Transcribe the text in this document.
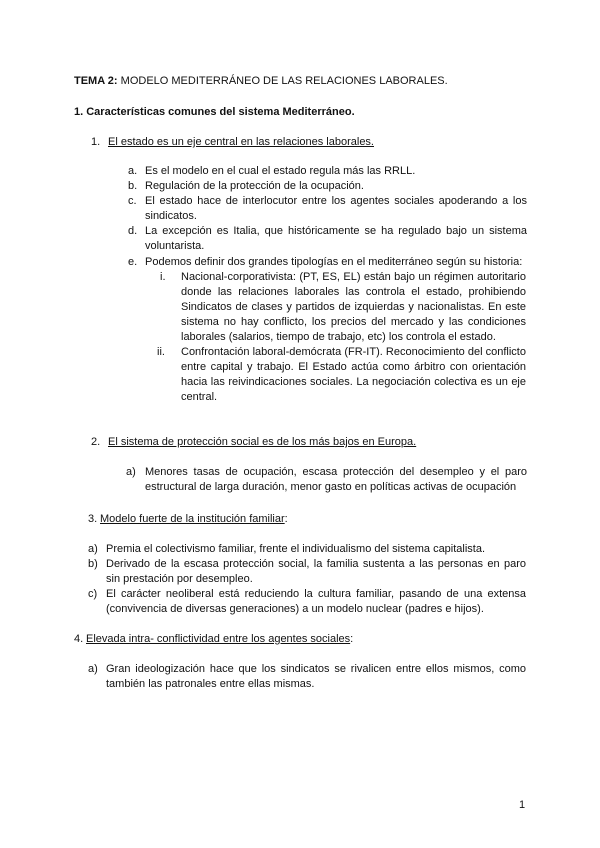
TEMA 2: MODELO MEDITERRÁNEO DE LAS RELACIONES LABORALES.
1. Características comunes del sistema Mediterráneo.
1. El estado es un eje central en las relaciones laborales.
a. Es el modelo en el cual el estado regula más las RRLL.
b. Regulación de la protección de la ocupación.
c. El estado hace de interlocutor entre los agentes sociales apoderando a los sindicatos.
d. La excepción es Italia, que históricamente se ha regulado bajo un sistema voluntarista.
e. Podemos definir dos grandes tipologías en el mediterráneo según su historia:
i. Nacional-corporativista: (PT, ES, EL) están bajo un régimen autoritario donde las relaciones laborales las controla el estado, prohibiendo Sindicatos de clases y partidos de izquierdas y nacionalistas. En este sistema no hay conflicto, los precios del mercado y las condiciones laborales (salarios, tiempo de trabajo, etc) los controla el estado.
ii. Confrontación laboral-demócrata (FR-IT). Reconocimiento del conflicto entre capital y trabajo. El Estado actúa como árbitro con orientación hacia las reivindicaciones sociales. La negociación colectiva es un eje central.
2. El sistema de protección social es de los más bajos en Europa.
a) Menores tasas de ocupación, escasa protección del desempleo y el paro estructural de larga duración, menor gasto en políticas activas de ocupación
3. Modelo fuerte de la institución familiar:
a) Premia el colectivismo familiar, frente el individualismo del sistema capitalista.
b) Derivado de la escasa protección social, la familia sustenta a las personas en paro sin prestación por desempleo.
c) El carácter neoliberal está reduciendo la cultura familiar, pasando de una extensa (convivencia de diversas generaciones) a un modelo nuclear (padres e hijos).
4. Elevada intra- conflictividad entre los agentes sociales:
a) Gran ideologización hace que los sindicatos se rivalicen entre ellos mismos, como también las patronales entre ellas mismas.
1
